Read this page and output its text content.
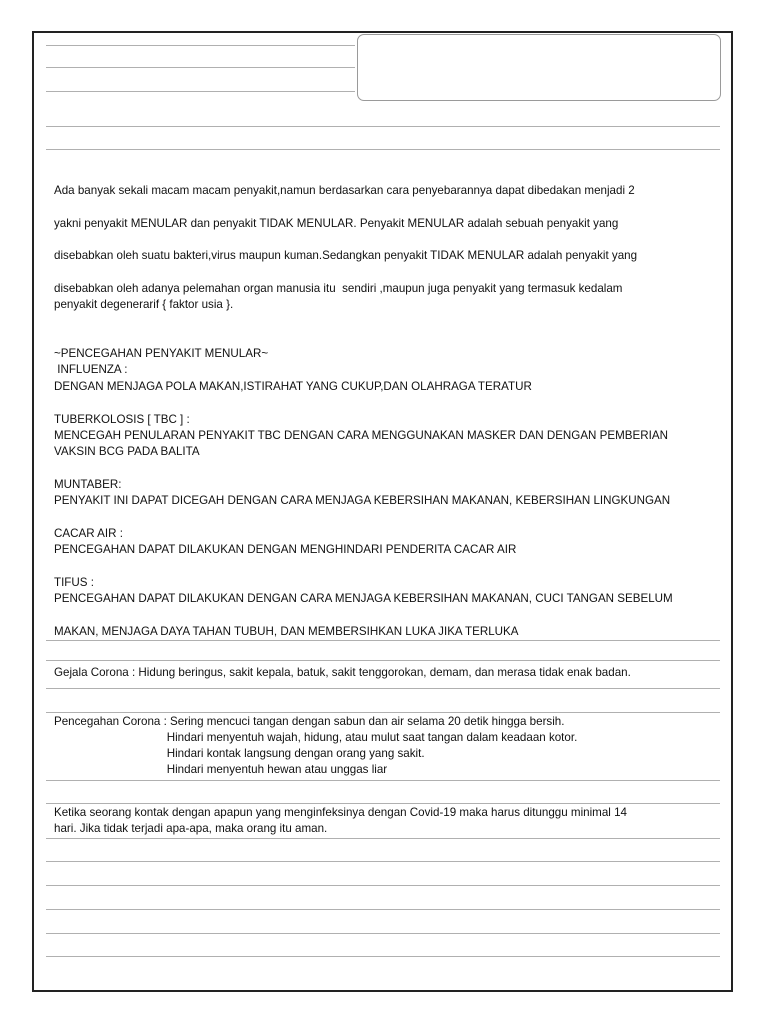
Ada banyak sekali macam macam penyakit,namun berdasarkan cara penyebarannya dapat dibedakan menjadi 2
yakni penyakit MENULAR dan penyakit TIDAK MENULAR. Penyakit MENULAR adalah sebuah penyakit yang
disebabkan oleh suatu bakteri,virus maupun kuman.Sedangkan penyakit TIDAK MENULAR adalah penyakit yang
disebabkan oleh adanya pelemahan organ manusia itu  sendiri ,maupun juga penyakit yang termasuk kedalam
penyakit degenerarif { faktor usia }.
~PENCEGAHAN PENYAKIT MENULAR~
INFLUENZA :
DENGAN MENJAGA POLA MAKAN,ISTIRAHAT YANG CUKUP,DAN OLAHRAGA TERATUR
TUBERKOLOSIS [ TBC ] :
MENCEGAH PENULARAN PENYAKIT TBC DENGAN CARA MENGGUNAKAN MASKER DAN DENGAN PEMBERIAN
VAKSIN BCG PADA BALITA
MUNTABER:
PENYAKIT INI DAPAT DICEGAH DENGAN CARA MENJAGA KEBERSIHAN MAKANAN, KEBERSIHAN LINGKUNGAN
CACAR AIR :
PENCEGAHAN DAPAT DILAKUKAN DENGAN MENGHINDARI PENDERITA CACAR AIR
TIFUS :
PENCEGAHAN DAPAT DILAKUKAN DENGAN CARA MENJAGA KEBERSIHAN MAKANAN, CUCI TANGAN SEBELUM
MAKAN, MENJAGA DAYA TAHAN TUBUH, DAN MEMBERSIHKAN LUKA JIKA TERLUKA
Gejala Corona : Hidung beringus, sakit kepala, batuk, sakit tenggorokan, demam, dan merasa tidak enak badan.
Pencegahan Corona : Sering mencuci tangan dengan sabun dan air selama 20 detik hingga bersih.
Hindari menyentuh wajah, hidung, atau mulut saat tangan dalam keadaan kotor.
Hindari kontak langsung dengan orang yang sakit.
Hindari menyentuh hewan atau unggas liar
Ketika seorang kontak dengan apapun yang menginfeksinya dengan Covid-19 maka harus ditunggu minimal 14
hari. Jika tidak terjadi apa-apa, maka orang itu aman.
